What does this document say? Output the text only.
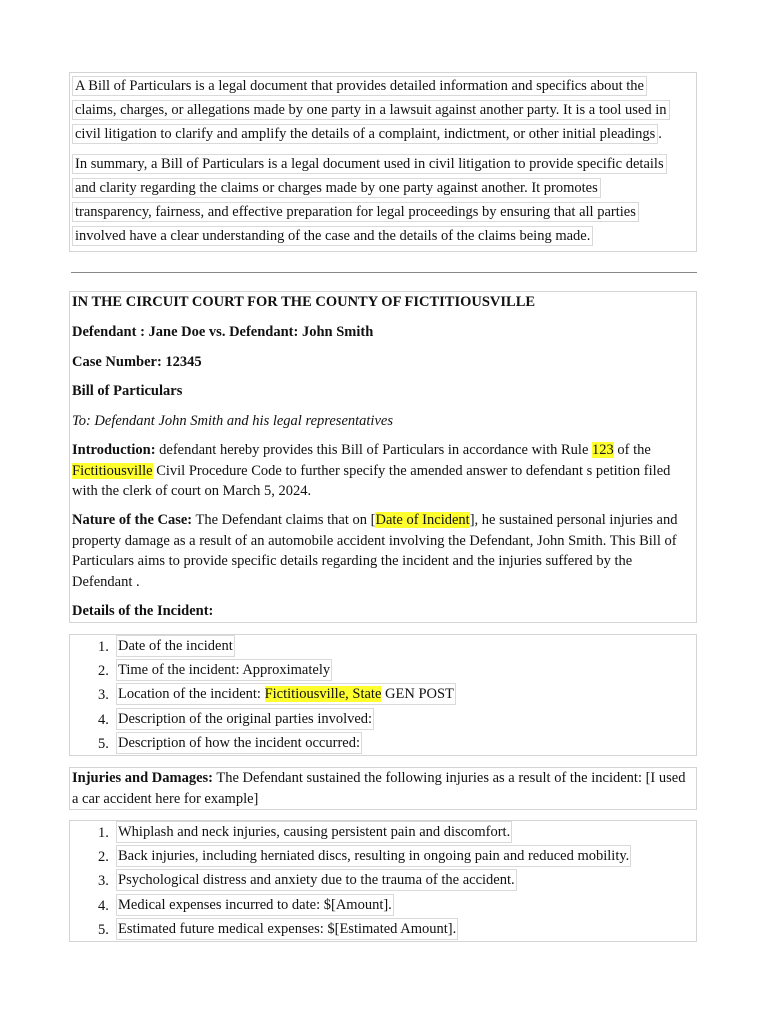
A Bill of Particulars is a legal document that provides detailed information and specifics about the
claims, charges, or allegations made by one party in a lawsuit against another party. It is a tool used in
civil litigation to clarify and amplify the details of a complaint, indictment, or other initial pleadings .

In summary, a Bill of Particulars is a legal document used in civil litigation to provide specific details
and clarity regarding the claims or charges made by one party against another. It promotes
transparency, fairness, and effective preparation for legal proceedings by ensuring that all parties
involved have a clear understanding of the case and the details of the claims being made.

IN THE CIRCUIT COURT FOR THE COUNTY OF FICTITIOUSVILLE
Defendant : Jane Doe vs. Defendant: John Smith
Case Number: 12345
Bill of Particulars
To: Defendant John Smith and his legal representatives
Introduction: defendant hereby provides this Bill of Particulars in accordance with Rule 123 of the Fictitiousville Civil Procedure Code to further specify the amended answer to defendant s petition filed with the clerk of court on March 5, 2024.
Nature of the Case: The Defendant claims that on [Date of Incident], he sustained personal injuries and property damage as a result of an automobile accident involving the Defendant, John Smith. This Bill of Particulars aims to provide specific details regarding the incident and the injuries suffered by the Defendant .
Details of the Incident:
1. Date of the incident
2. Time of the incident: Approximately
3. Location of the incident: Fictitiousville, State GEN POST
4. Description of the original parties involved:
5. Description of how the incident occurred:
Injuries and Damages: The Defendant sustained the following injuries as a result of the incident: [I used a car accident here for example]
1. Whiplash and neck injuries, causing persistent pain and discomfort.
2. Back injuries, including herniated discs, resulting in ongoing pain and reduced mobility.
3. Psychological distress and anxiety due to the trauma of the accident.
4. Medical expenses incurred to date: $[Amount].
5. Estimated future medical expenses: $[Estimated Amount].
